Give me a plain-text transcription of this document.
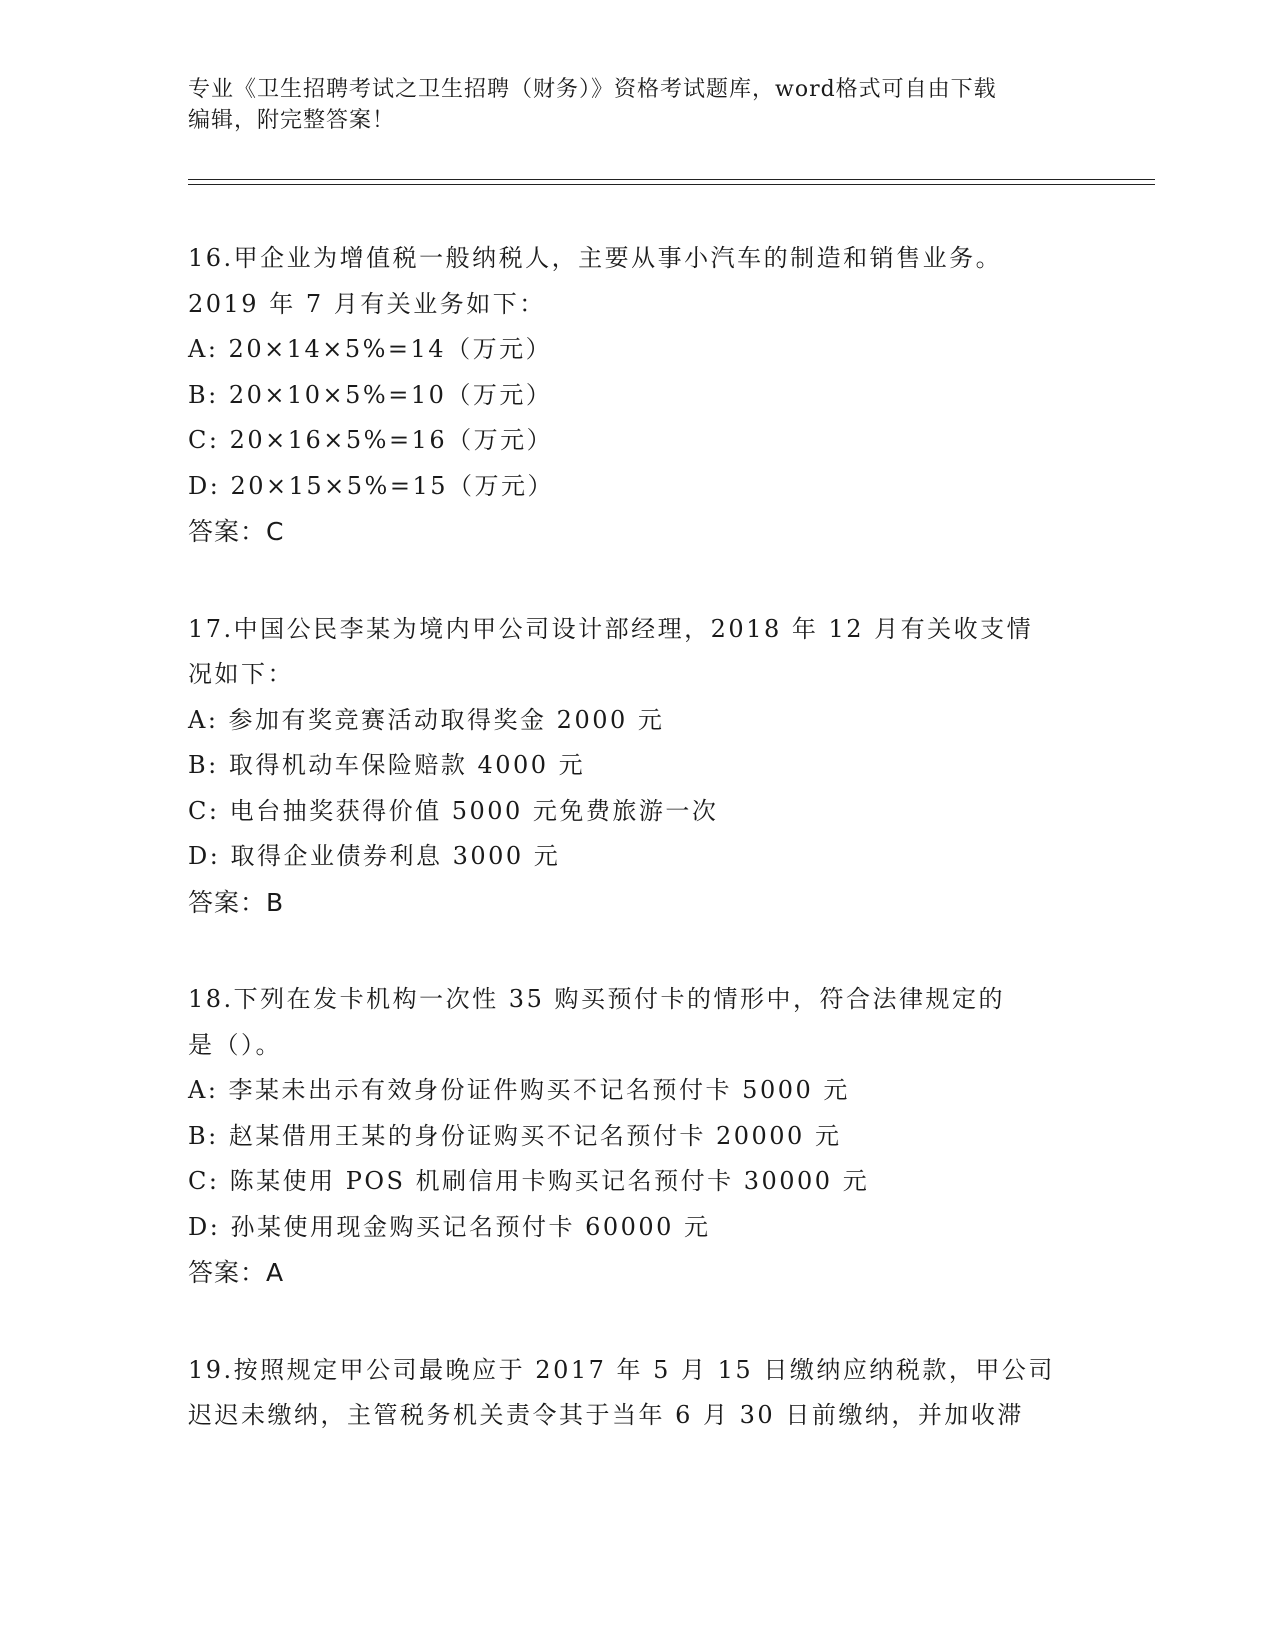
专业《卫生招聘考试之卫生招聘（财务）》资格考试题库，word格式可自由下载
编辑，附完整答案！
16.甲企业为增值税一般纳税人，主要从事小汽车的制造和销售业务。
2019 年 7 月有关业务如下：
A: 20×14×5%=14（万元）
B: 20×10×5%=10（万元）
C: 20×16×5%=16（万元）
D: 20×15×5%=15（万元）
答案：C
17.中国公民李某为境内甲公司设计部经理，2018 年 12 月有关收支情
况如下：
A: 参加有奖竞赛活动取得奖金 2000 元
B: 取得机动车保险赔款 4000 元
C: 电台抽奖获得价值 5000 元免费旅游一次
D: 取得企业债券利息 3000 元
答案：B
18.下列在发卡机构一次性 35 购买预付卡的情形中，符合法律规定的
是（）。
A: 李某未出示有效身份证件购买不记名预付卡 5000 元
B: 赵某借用王某的身份证购买不记名预付卡 20000 元
C: 陈某使用 POS 机刷信用卡购买记名预付卡 30000 元
D: 孙某使用现金购买记名预付卡 60000 元
答案：A
19.按照规定甲公司最晚应于 2017 年 5 月 15 日缴纳应纳税款，甲公司
迟迟未缴纳，主管税务机关责令其于当年 6 月 30 日前缴纳，并加收滞
